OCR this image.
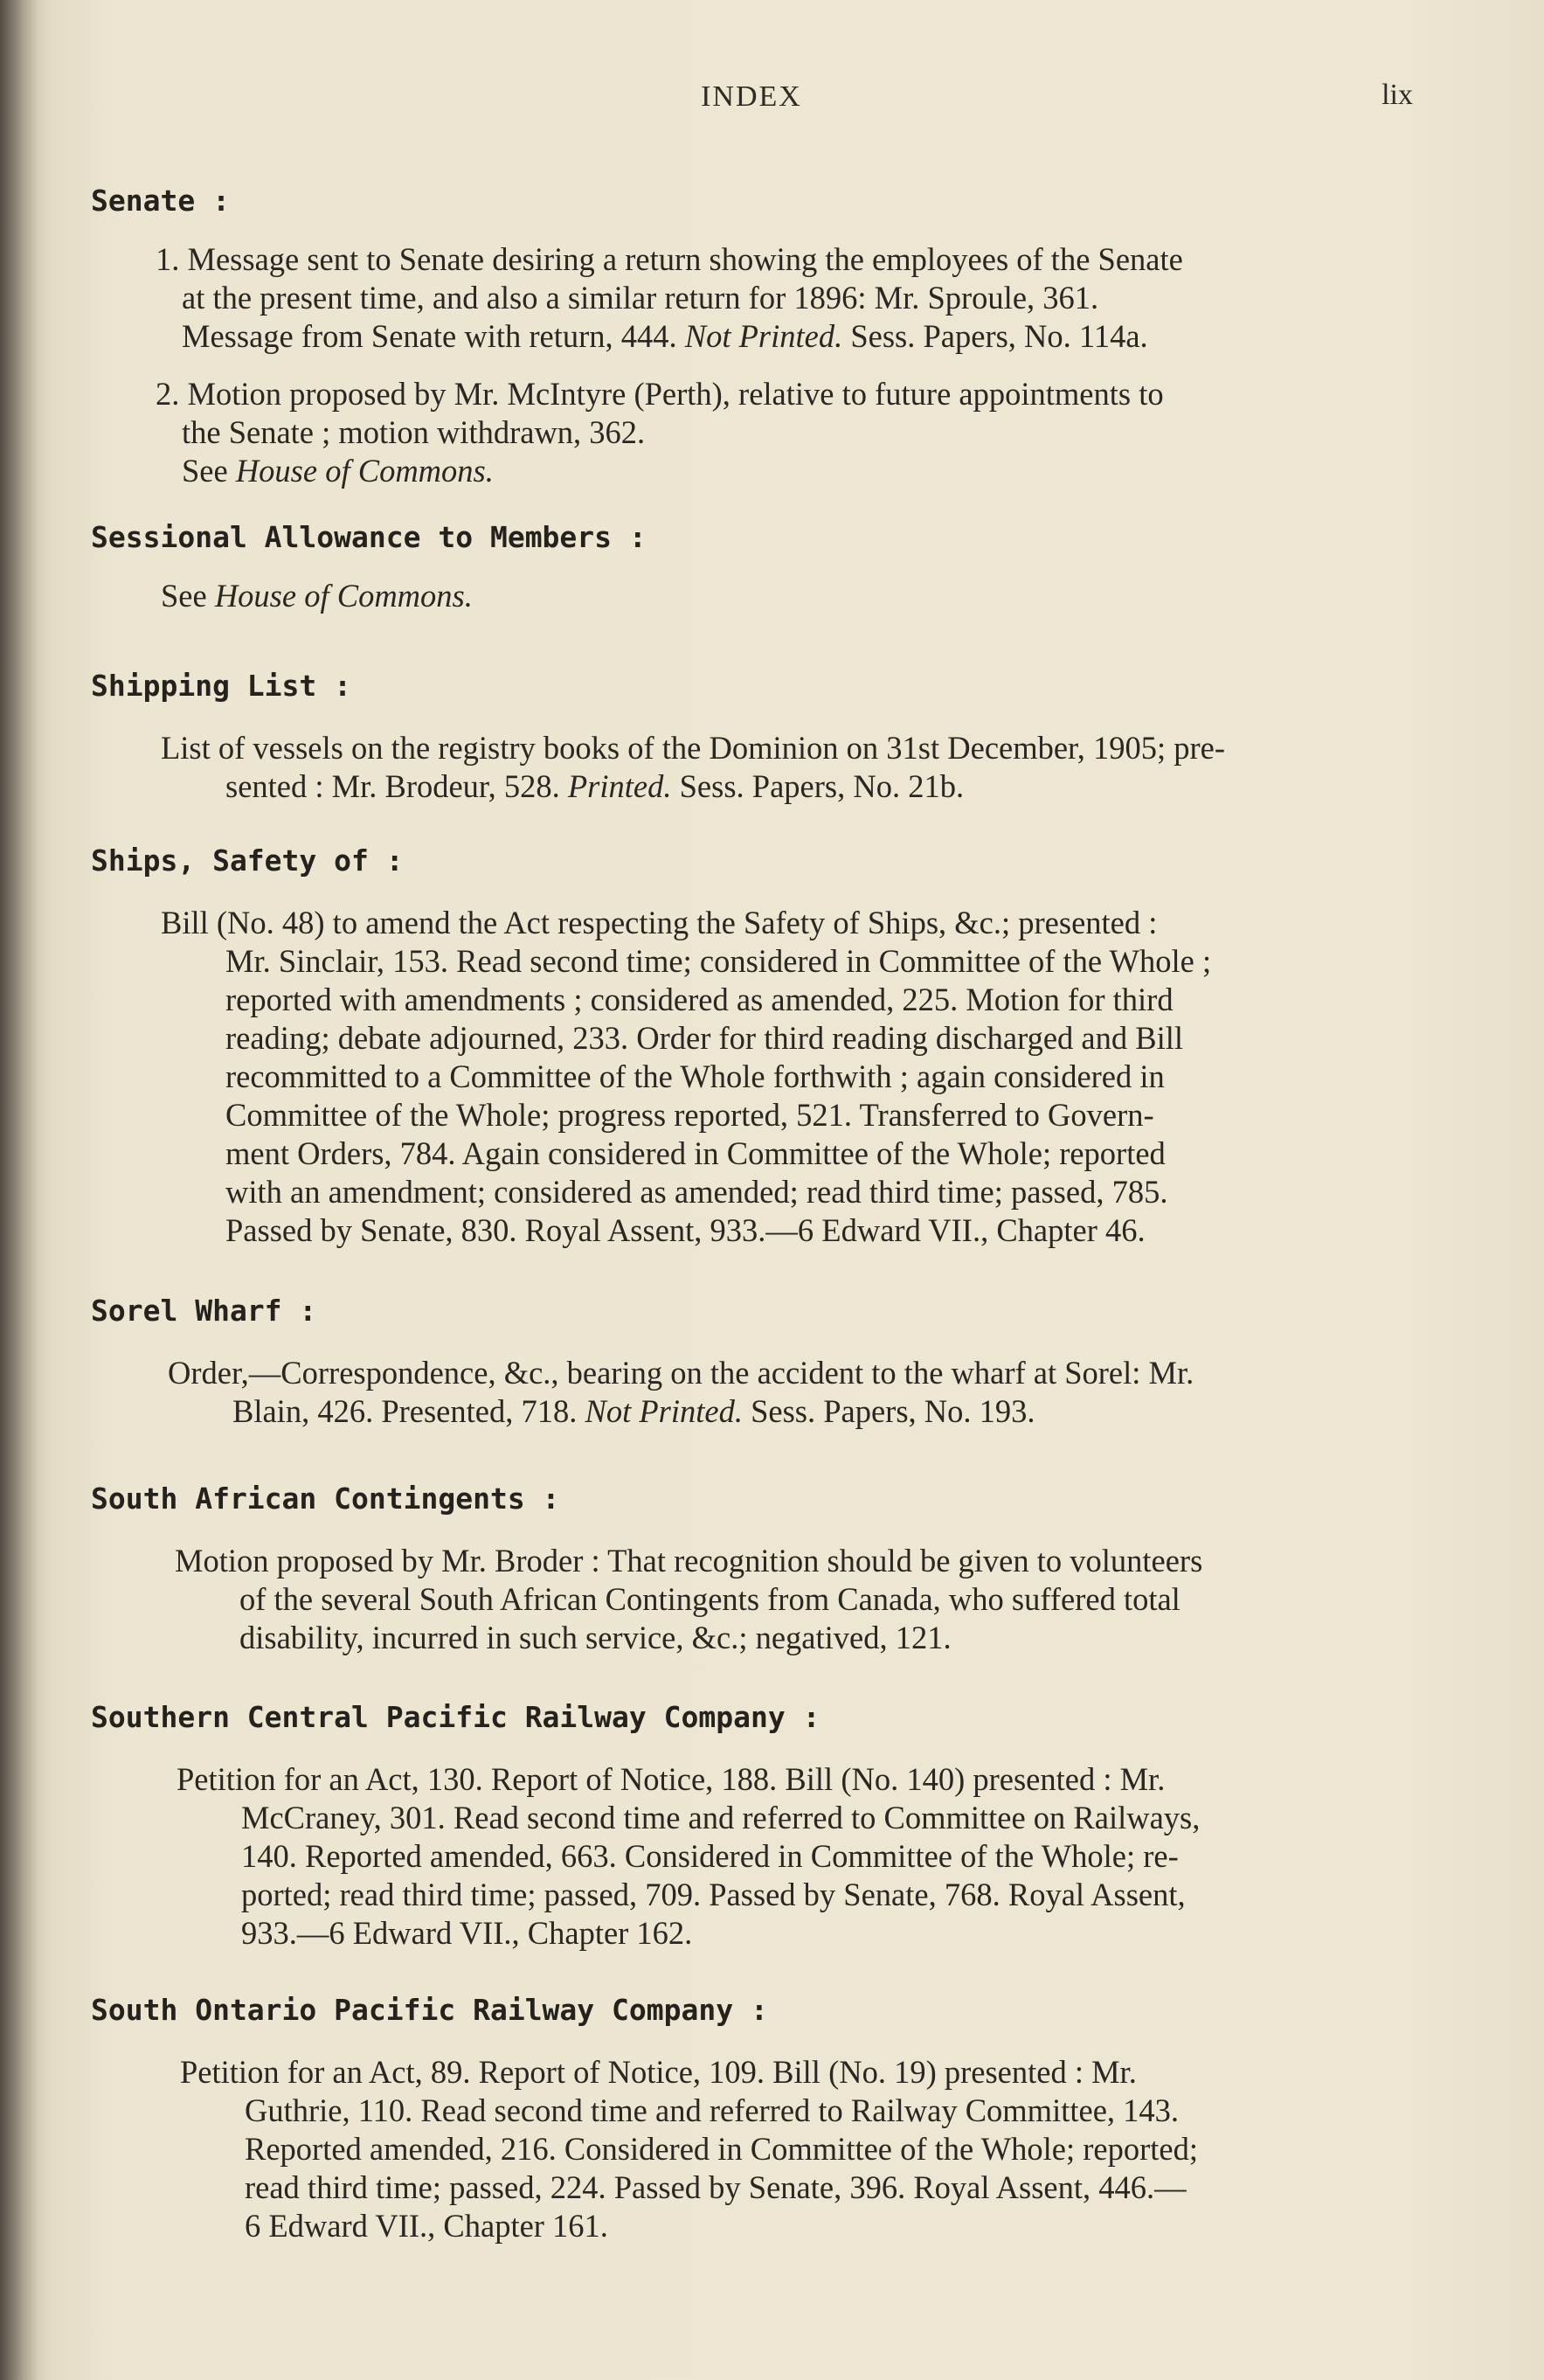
INDEX	lix
Senate :
1. Message sent to Senate desiring a return showing the employees of the Senate
at the present time, and also a similar return for 1896: Mr. Sproule, 361.
Message from Senate with return, 444. Not Printed. Sess. Papers, No. 114a.
2. Motion proposed by Mr. McIntyre (Perth), relative to future appointments to
the Senate ; motion withdrawn, 362.
See House of Commons.
Sessional Allowance to Members :
See House of Commons.
Shipping List :
List of vessels on the registry books of the Dominion on 31st December, 1905; pre-
sented : Mr. Brodeur, 528. Printed. Sess. Papers, No. 21b.
Ships, Safety of :
Bill (No. 48) to amend the Act respecting the Safety of Ships, &c.; presented :
Mr. Sinclair, 153. Read second time; considered in Committee of the Whole ;
reported with amendments ; considered as amended, 225. Motion for third
reading; debate adjourned, 233. Order for third reading discharged and Bill
recommitted to a Committee of the Whole forthwith ; again considered in
Committee of the Whole; progress reported, 521. Transferred to Govern-
ment Orders, 784. Again considered in Committee of the Whole; reported
with an amendment; considered as amended; read third time; passed, 785.
Passed by Senate, 830. Royal Assent, 933.—6 Edward VII., Chapter 46.
Sorel Wharf :
Order,—Correspondence, &c., bearing on the accident to the wharf at Sorel: Mr.
Blain, 426. Presented, 718. Not Printed. Sess. Papers, No. 193.
South African Contingents :
Motion proposed by Mr. Broder : That recognition should be given to volunteers
of the several South African Contingents from Canada, who suffered total
disability, incurred in such service, &c.; negatived, 121.
Southern Central Pacific Railway Company :
Petition for an Act, 130. Report of Notice, 188. Bill (No. 140) presented : Mr.
McCraney, 301. Read second time and referred to Committee on Railways,
140. Reported amended, 663. Considered in Committee of the Whole; re-
ported; read third time; passed, 709. Passed by Senate, 768. Royal Assent,
933.—6 Edward VII., Chapter 162.
South Ontario Pacific Railway Company :
Petition for an Act, 89. Report of Notice, 109. Bill (No. 19) presented : Mr.
Guthrie, 110. Read second time and referred to Railway Committee, 143.
Reported amended, 216. Considered in Committee of the Whole; reported;
read third time; passed, 224. Passed by Senate, 396. Royal Assent, 446.—
6 Edward VII., Chapter 161.
